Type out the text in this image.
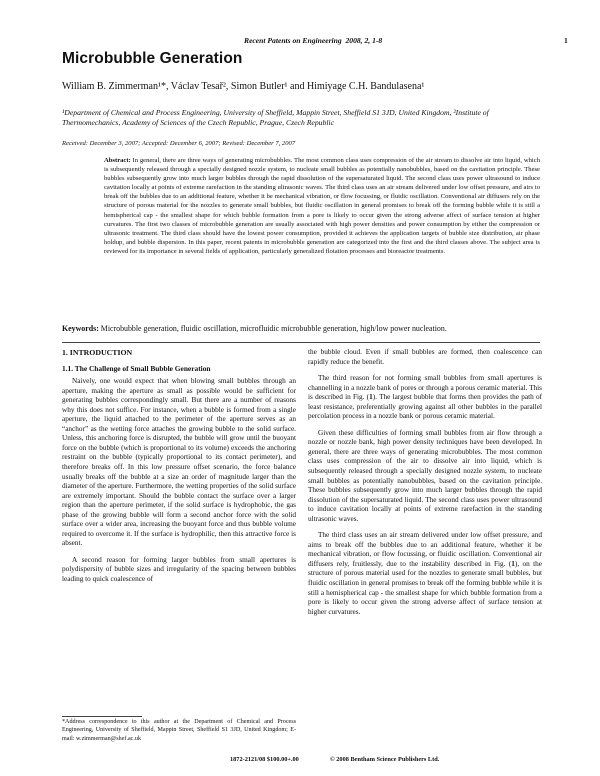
Recent Patents on Engineering 2008, 2, 1-8	1
Microbubble Generation
William B. Zimmerman¹*, Václav Tesař², Simon Butler¹ and Himiyage C.H. Bandulasena¹
¹Department of Chemical and Process Engineering, University of Sheffield, Mappin Street, Sheffield S1 3JD, United Kingdom, ²Institute of Thermomechanics, Academy of Sciences of the Czech Republic, Prague, Czech Republic
Received: December 3, 2007; Accepted: December 6, 2007; Revised: December 7, 2007
Abstract: In general, there are three ways of generating microbubbles. The most common class uses compression of the air stream to dissolve air into liquid, which is subsequently released through a specially designed nozzle system, to nucleate small bubbles as potentially nanobubbles, based on the cavitation principle. These bubbles subsequently grow into much larger bubbles through the rapid dissolution of the supersaturated liquid. The second class uses power ultrasound to induce cavitation locally at points of extreme rarefaction in the standing ultrasonic waves. The third class uses an air stream delivered under low offset pressure, and airs to break off the bubbles due to an additional feature, whether it be mechanical vibration, or flow focussing, or fluidic oscillation. Conventional air diffusers rely on the structure of porous material for the nozzles to generate small bubbles, but fluidic oscillation in general promises to break off the forming bubble while it is still a hemispherical cap - the smallest shape for which bubble formation from a pore is likely to occur given the strong adverse affect of surface tension at higher curvatures. The first two classes of microbubble generation are usually associated with high power densities and power consumption by either the compression or ultrasonic treatment. The third class should have the lowest power consumption, provided it achieves the application targets of bubble size distribution, air phase holdup, and bubble dispersion. In this paper, recent patents in microbubble generation are categorized into the first and the third classes above. The subject area is reviewed for its importance in several fields of application, particularly generalized flotation processes and bioreactor treatments.
Keywords: Microbubble generation, fluidic oscillation, microfluidic microbubble generation, high/low power nucleation.

1. INTRODUCTION

1.1. The Challenge of Small Bubble Generation

Naively, one would expect that when blowing small bubbles through an aperture, making the aperture as small as possible would be sufficient for generating bubbles correspondingly small. But there are a number of reasons why this does not suffice. For instance, when a bubble is formed from a single aperture, the liquid attached to the perimeter of the aperture serves as an “anchor” as the wetting force attaches the growing bubble to the solid surface. Unless, this anchoring force is disrupted, the bubble will grow until the buoyant force on the bubble (which is proportional to its volume) exceeds the anchoring restraint on the bubble (typically proportional to its contact perimeter), and therefore breaks off. In this low pressure offset scenario, the force balance usually breaks off the bubble at a size an order of magnitude larger than the diameter of the aperture. Furthermore, the wetting properties of the solid surface are extremely important. Should the bubble contact the surface over a larger region than the aperture perimeter, if the solid surface is hydrophobic, the gas phase of the growing bubble will form a second anchor force with the solid surface over a wider area, increasing the buoyant force and thus bubble volume required to overcome it. If the surface is hydrophilic, then this attractive force is absent.

A second reason for forming larger bubbles from small apertures is polydispersity of bubble sizes and irregularity of the spacing between bubbles leading to quick coalescence of

the bubble cloud. Even if small bubbles are formed, then coalescence can rapidly reduce the benefit.

The third reason for not forming small bubbles from small apertures is channelling in a nozzle bank of pores or through a porous ceramic material. This is described in Fig. (1). The largest bubble that forms then provides the path of least resistance, preferentially growing against all other bubbles in the parallel percolation process in a nozzle bank or porous ceramic material.

Given these difficulties of forming small bubbles from air flow through a nozzle or nozzle bank, high power density techniques have been developed. In general, there are three ways of generating microbubbles. The most common class uses compression of the air to dissolve air into liquid, which is subsequently released through a specially designed nozzle system, to nucleate small bubbles as potentially nanobubbles, based on the cavitation principle. These bubbles subsequently grow into much larger bubbles through the rapid dissolution of the supersaturated liquid. The second class uses power ultrasound to induce cavitation locally at points of extreme rarefaction in the standing ultrasonic waves.

The third class uses an air stream delivered under low offset pressure, and aims to break off the bubbles due to an additional feature, whether it be mechanical vibration, or flow focussing, or fluidic oscillation. Conventional air diffusers rely, fruitlessly, due to the instability described in Fig. (1), on the structure of porous material used for the nozzles to generate small bubbles, but fluidic oscillation in general promises to break off the forming bubble while it is still a hemispherical cap - the smallest shape for which bubble formation from a pore is likely to occur given the strong adverse affect of surface tension at higher curvatures.

*Address correspondence to this author at the Department of Chemical and Process Engineering, University of Sheffield, Mappin Street, Sheffield S1 3JD, United Kingdom; E-mail: w.zimmerman@shef.ac.uk
1872-2121/08 $100.00+.00	© 2008 Bentham Science Publishers Ltd.
